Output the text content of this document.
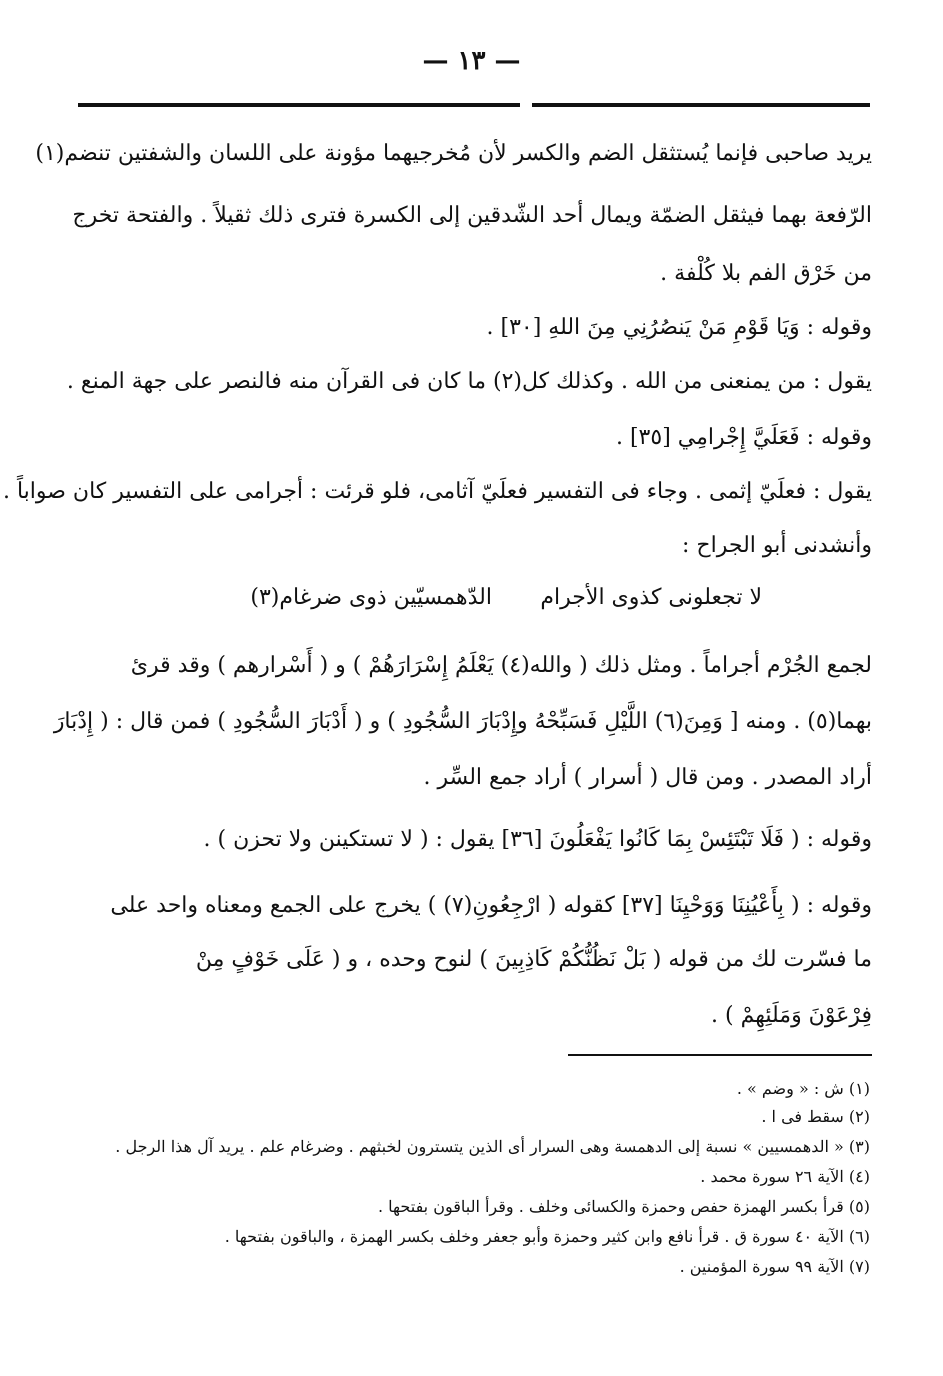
— ١٣ —
يريد صاحبى فإنما يُستثقل الضم والكسر لأن مُخرجيهما مؤونة على اللسان والشفتين تنضم(١)
الرّفعة بهما فيثقل الضمّة ويمال أحد الشّدقين إلى الكسرة فترى ذلك ثقيلاً . والفتحة تخرج
من خَرْق الفم بلا كُلْفة .
وقوله : وَيَا قَوْمِ مَنْ يَنصُرُنِي مِنَ اللهِ [٣٠] .
يقول : من يمنعنى من الله . وكذلك كل(٢) ما كان فى القرآن منه فالنصر على جهة المنع .
وقوله : فَعَلَيَّ إِجْرامِي [٣٥] .
يقول : فعلَيّ إثمى . وجاء فى التفسير فعلَيّ آثامى، فلو قرئت : أجرامى على التفسير كان صواباً .
وأنشدنى أبو الجراح :
لا تجعلونى كذوى الأجرام
الدّهمسيّين ذوى ضرغام(٣)
لجمع الجُرْم أجراماً . ومثل ذلك ( والله(٤) يَعْلَمُ إِسْرَارَهُمْ ) و ( أَسْرارهم ) وقد قرئ
بهما(٥) . ومنه [ وَمِنَ(٦) اللَّيْلِ فَسَبِّحْهُ وإِدْبَارَ السُّجُودِ ) و ( أَدْبَارَ السُّجُودِ ) فمن قال : ( إِدْبَارَ
أراد المصدر . ومن قال ( أسرار ) أراد جمع السِّر .
وقوله : ( فَلَا تَبْتَئِسْ بِمَا كَانُوا يَفْعَلُونَ [٣٦] يقول : ( لا تستكينن ولا تحزن ) .
وقوله : ( بِأَعْيُنِنَا وَوَحْيِنَا [٣٧] كقوله ( ارْجِعُونِ(٧) ) يخرج على الجمع ومعناه واحد على
ما فسّرت لك من قوله ( بَلْ نَظُنُّكُمْ كَاذِبِينَ ) لنوح وحده ، و ( عَلَى خَوْفٍ مِنْ
فِرْعَوْنَ وَمَلَئِهِمْ ) .
(١) ش : « وضم » .
(٢) سقط فى ا .
(٣) « الدهمسيين » نسبة إلى الدهمسة وهى السرار أى الذين يتسترون لخبثهم . وضرغام علم . يريد آل هذا الرجل .
(٤) الآية ٢٦ سورة محمد .
(٥) قرأ بكسر الهمزة حفص وحمزة والكسائى وخلف . وقرأ الباقون بفتحها .
(٦) الآية ٤٠ سورة ق . قرأ نافع وابن كثير وحمزة وأبو جعفر وخلف بكسر الهمزة ، والباقون بفتحها .
(٧) الآية ٩٩ سورة المؤمنين .
